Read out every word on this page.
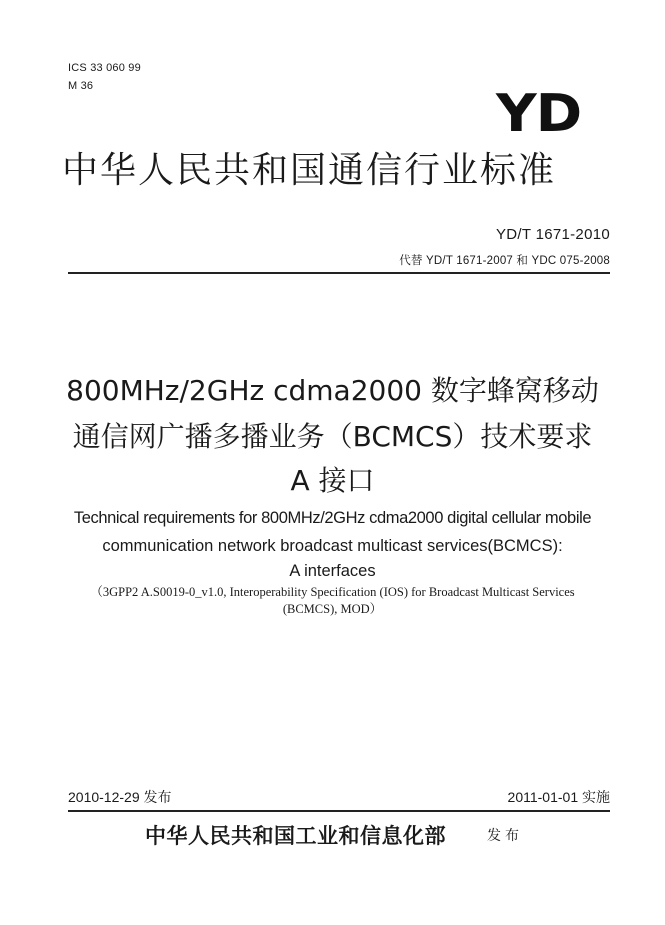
ICS 33 060 99
M 36	YD
中华人民共和国通信行业标准
YD/T 1671-2010
代替 YD/T 1671-2007 和 YDC 075-2008
800MHz/2GHz cdma2000 数字蜂窝移动
通信网广播多播业务（BCMCS）技术要求
A 接口
Technical requirements for 800MHz/2GHz cdma2000 digital cellular mobile
communication network broadcast multicast services(BCMCS):
A interfaces
（3GPP2 A.S0019-0_v1.0, Interoperability Specification (IOS) for Broadcast Multicast Services
(BCMCS), MOD）
2010-12-29 发布	2011-01-01 实施
中华人民共和国工业和信息化部	发布
